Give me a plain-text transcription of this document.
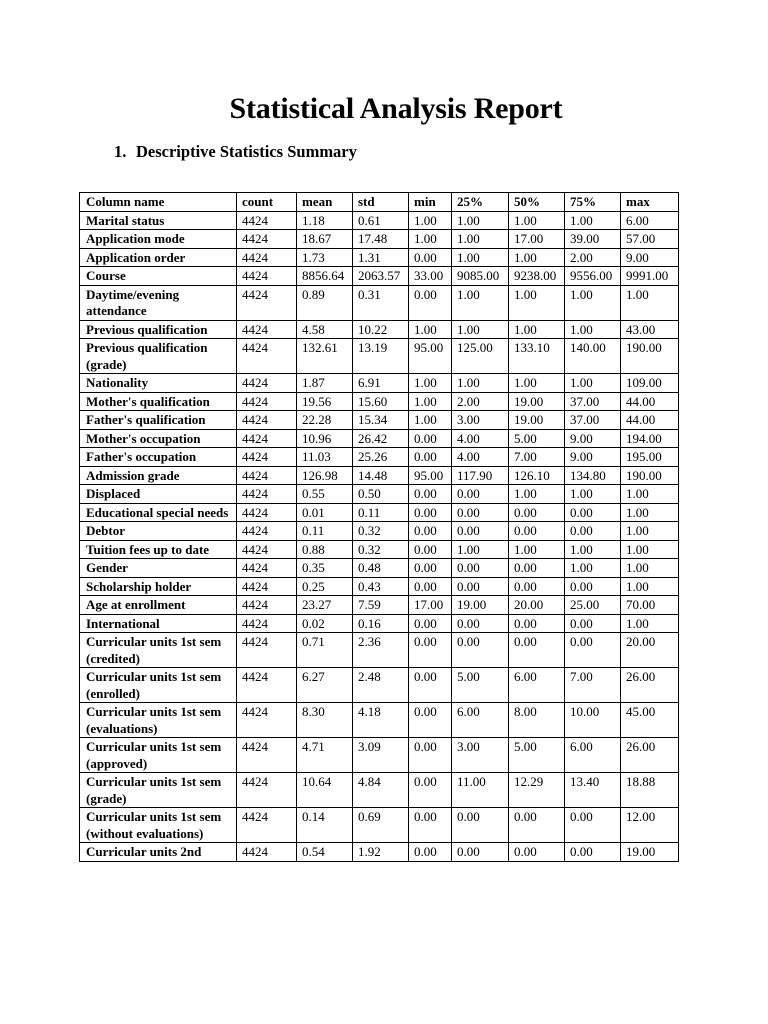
Statistical Analysis Report
1. Descriptive Statistics Summary
Column name	count	mean	std	min	25%	50%	75%	max
Marital status	4424	1.18	0.61	1.00	1.00	1.00	1.00	6.00
Application mode	4424	18.67	17.48	1.00	1.00	17.00	39.00	57.00
Application order	4424	1.73	1.31	0.00	1.00	1.00	2.00	9.00
Course	4424	8856.64	2063.57	33.00	9085.00	9238.00	9556.00	9991.00
Daytime/evening attendance	4424	0.89	0.31	0.00	1.00	1.00	1.00	1.00
Previous qualification	4424	4.58	10.22	1.00	1.00	1.00	1.00	43.00
Previous qualification (grade)	4424	132.61	13.19	95.00	125.00	133.10	140.00	190.00
Nationality	4424	1.87	6.91	1.00	1.00	1.00	1.00	109.00
Mother's qualification	4424	19.56	15.60	1.00	2.00	19.00	37.00	44.00
Father's qualification	4424	22.28	15.34	1.00	3.00	19.00	37.00	44.00
Mother's occupation	4424	10.96	26.42	0.00	4.00	5.00	9.00	194.00
Father's occupation	4424	11.03	25.26	0.00	4.00	7.00	9.00	195.00
Admission grade	4424	126.98	14.48	95.00	117.90	126.10	134.80	190.00
Displaced	4424	0.55	0.50	0.00	0.00	1.00	1.00	1.00
Educational special needs	4424	0.01	0.11	0.00	0.00	0.00	0.00	1.00
Debtor	4424	0.11	0.32	0.00	0.00	0.00	0.00	1.00
Tuition fees up to date	4424	0.88	0.32	0.00	1.00	1.00	1.00	1.00
Gender	4424	0.35	0.48	0.00	0.00	0.00	1.00	1.00
Scholarship holder	4424	0.25	0.43	0.00	0.00	0.00	0.00	1.00
Age at enrollment	4424	23.27	7.59	17.00	19.00	20.00	25.00	70.00
International	4424	0.02	0.16	0.00	0.00	0.00	0.00	1.00
Curricular units 1st sem (credited)	4424	0.71	2.36	0.00	0.00	0.00	0.00	20.00
Curricular units 1st sem (enrolled)	4424	6.27	2.48	0.00	5.00	6.00	7.00	26.00
Curricular units 1st sem (evaluations)	4424	8.30	4.18	0.00	6.00	8.00	10.00	45.00
Curricular units 1st sem (approved)	4424	4.71	3.09	0.00	3.00	5.00	6.00	26.00
Curricular units 1st sem (grade)	4424	10.64	4.84	0.00	11.00	12.29	13.40	18.88
Curricular units 1st sem (without evaluations)	4424	0.14	0.69	0.00	0.00	0.00	0.00	12.00
Curricular units 2nd	4424	0.54	1.92	0.00	0.00	0.00	0.00	19.00
